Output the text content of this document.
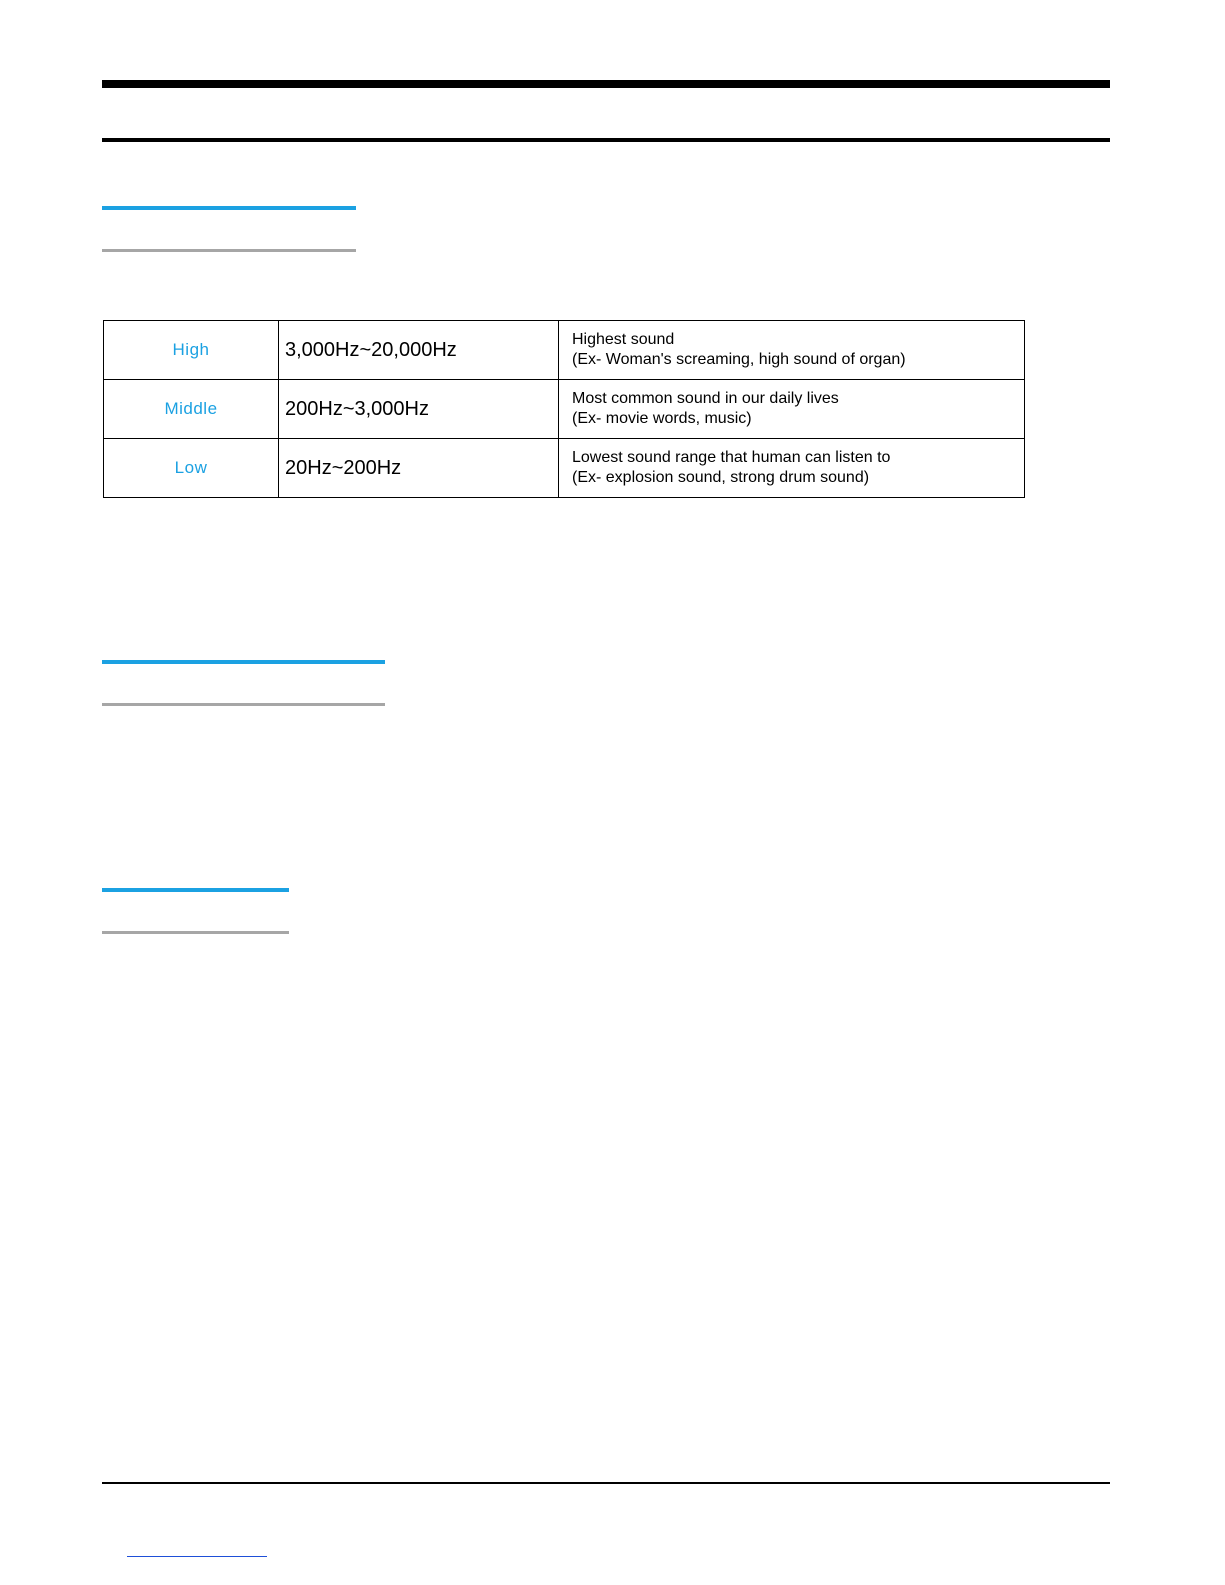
High	3,000Hz~20,000Hz	Highest sound
(Ex- Woman's screaming, high sound of organ)

Middle	200Hz~3,000Hz	Most common sound in our daily lives
(Ex- movie words, music)

Low	20Hz~200Hz	Lowest sound range that human can listen to
(Ex- explosion sound, strong drum sound)
